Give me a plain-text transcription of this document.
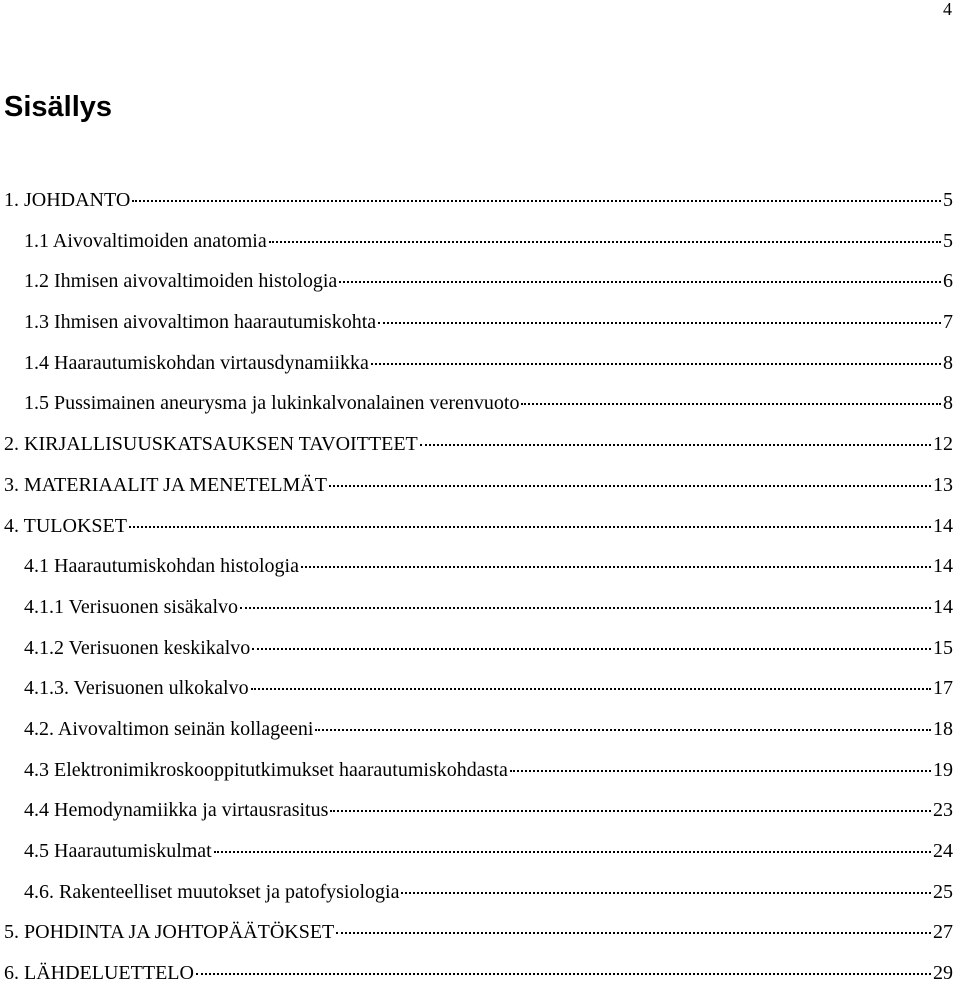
4
Sisällys
1. JOHDANTO	5
1.1 Aivovaltimoiden anatomia	5
1.2 Ihmisen aivovaltimoiden histologia	6
1.3 Ihmisen aivovaltimon haarautumiskohta	7
1.4 Haarautumiskohdan virtausdynamiikka	8
1.5 Pussimainen aneurysma ja lukinkalvonalainen verenvuoto	8
2. KIRJALLISUUSKATSAUKSEN TAVOITTEET	12
3. MATERIAALIT JA MENETELMÄT	13
4. TULOKSET	14
4.1 Haarautumiskohdan histologia	14
4.1.1 Verisuonen sisäkalvo	14
4.1.2 Verisuonen keskikalvo	15
4.1.3. Verisuonen ulkokalvo	17
4.2. Aivovaltimon seinän kollageeni	18
4.3 Elektronimikroskooppitutkimukset haarautumiskohdasta	19
4.4 Hemodynamiikka ja virtausrasitus	23
4.5 Haarautumiskulmat	24
4.6. Rakenteelliset muutokset ja patofysiologia	25
5. POHDINTA JA JOHTOPÄÄTÖKSET	27
6. LÄHDELUETTELO	29
